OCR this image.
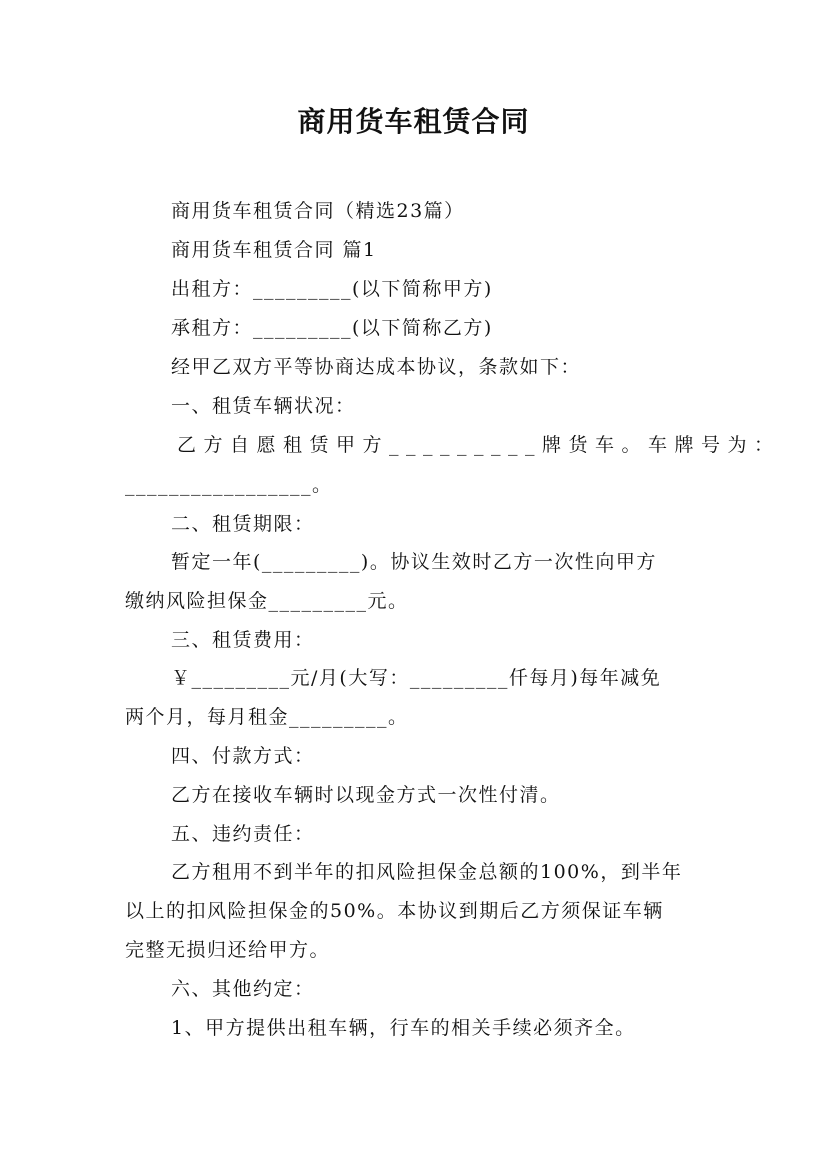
商用货车租赁合同
商用货车租赁合同（精选23篇）
商用货车租赁合同 篇1
出租方：_________(以下简称甲方)
承租方：_________(以下简称乙方)
经甲乙双方平等协商达成本协议，条款如下：
一、租赁车辆状况：
乙方自愿租赁甲方_________牌货车。车牌号为：
_________________。
二、租赁期限：
暂定一年(_________)。协议生效时乙方一次性向甲方
缴纳风险担保金_________元。
三、租赁费用：
￥_________元/月(大写：_________仟每月)每年减免
两个月，每月租金_________。
四、付款方式：
乙方在接收车辆时以现金方式一次性付清。
五、违约责任：
乙方租用不到半年的扣风险担保金总额的100%，到半年
以上的扣风险担保金的50%。本协议到期后乙方须保证车辆
完整无损归还给甲方。
六、其他约定：
1、甲方提供出租车辆，行车的相关手续必须齐全。
